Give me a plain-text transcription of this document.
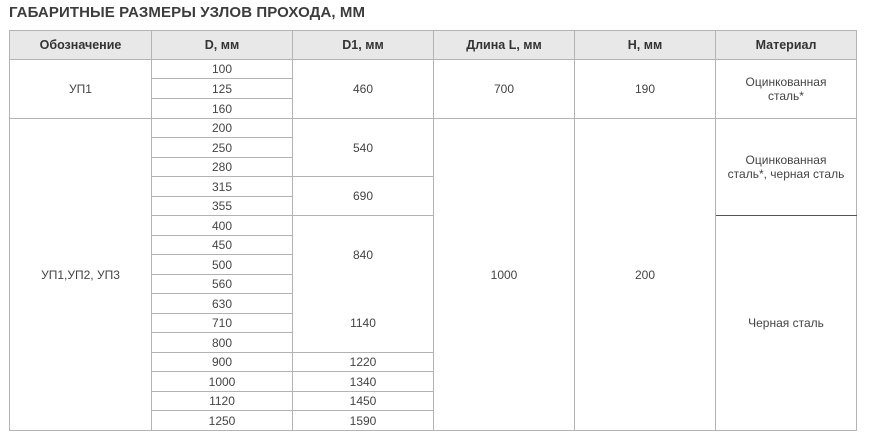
ГАБАРИТНЫЕ РАЗМЕРЫ УЗЛОВ ПРОХОДА, ММ
Обозначение	D, мм	D1, мм	Длина L, мм	H, мм	Материал
УП1	100	460	700	190	Оцинкованная
сталь*

	125				
	160				
УП1,УП2, УП3	200	540	1000	200	Оцинкованная
сталь*, черная сталь

	250				
	280				
	315	690			
	355				
	400	840			Черная сталь
	450				
	500				
	560				
	630	1140			
	710				
	800				
	900	1220			
	1000	1340			
	1120	1450			
	1250	1590			
